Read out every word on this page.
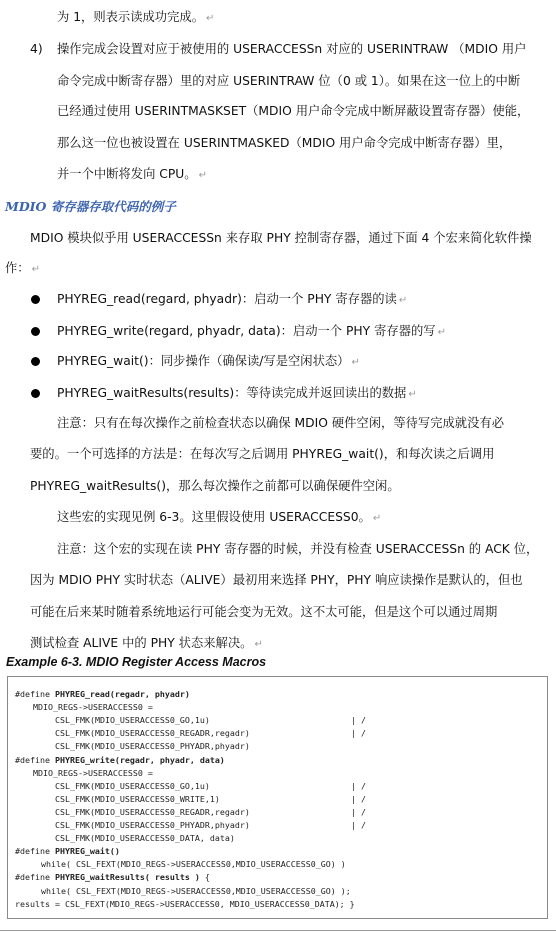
为 1，则表示读成功完成。 ↵
4)	操作完成会设置对应于被使用的 USERACCESSn 对应的 USERINTRAW （MDIO 用户
命令完成中断寄存器）里的对应 USERINTRAW 位（0 或 1）。如果在这一位上的中断
已经通过使用 USERINTMASKSET（MDIO 用户命令完成中断屏蔽设置寄存器）使能，
那么这一位也被设置在 USERINTMASKED（MDIO 用户命令完成中断寄存器）里，
并一个中断将发向 CPU。 ↵
MDIO 模块似乎用 USERACCESSn 来存取 PHY 控制寄存器，通过下面 4 个宏来简化软件操
作： ↵
注意：只有在每次操作之前检查状态以确保 MDIO 硬件空闲，等待写完成就没有必
要的。一个可选择的方法是：在每次写之后调用 PHYREG_wait()，和每次读之后调用
PHYREG_waitResults()，那么每次操作之前都可以确保硬件空闲。
这些宏的实现见例 6-3。这里假设使用 USERACCESS0。 ↵
注意：这个宏的实现在读 PHY 寄存器的时候，并没有检查 USERACCESSn 的 ACK 位，
因为 MDIO PHY 实时状态（ALIVE）最初用来选择 PHY，PHY 响应读操作是默认的，但也
可能在后来某时随着系统地运行可能会变为无效。这不太可能，但是这个可以通过周期
测试检查 ALIVE 中的 PHY 状态来解决。 ↵
MDIO 寄存器存取代码的例子
PHYREG_read(regard, phyadr)：启动一个 PHY 寄存器的读 ↵
PHYREG_write(regard, phyadr, data)：启动一个 PHY 寄存器的写 ↵
PHYREG_wait()：同步操作（确保读/写是空闲状态） ↵
PHYREG_waitResults(results)：等待读完成并返回读出的数据 ↵
Example 6-3. MDIO Register Access Macros
#define PHYREG_read(regadr, phyadr)
MDIO_REGS->USERACCESS0 =
CSL_FMK(MDIO_USERACCESS0_GO,1u)	| /
CSL_FMK(MDIO_USERACCESS0_REGADR,regadr)	| /
CSL_FMK(MDIO_USERACCESS0_PHYADR,phyadr)
#define PHYREG_write(regadr, phyadr, data)
MDIO_REGS->USERACCESS0 =
CSL_FMK(MDIO_USERACCESS0_GO,1u)	| /
CSL_FMK(MDIO_USERACCESS0_WRITE,1)	| /
CSL_FMK(MDIO_USERACCESS0_REGADR,regadr)	| /
CSL_FMK(MDIO_USERACCESS0_PHYADR,phyadr)	| /
CSL_FMK(MDIO_USERACCESS0_DATA, data)
#define PHYREG_wait()
while( CSL_FEXT(MDIO_REGS->USERACCESS0,MDIO_USERACCESS0_GO) )
#define PHYREG_waitResults( results ) {
while( CSL_FEXT(MDIO_REGS->USERACCESS0,MDIO_USERACCESS0_GO) );
results = CSL_FEXT(MDIO_REGS->USERACCESS0, MDIO_USERACCESS0_DATA); }
